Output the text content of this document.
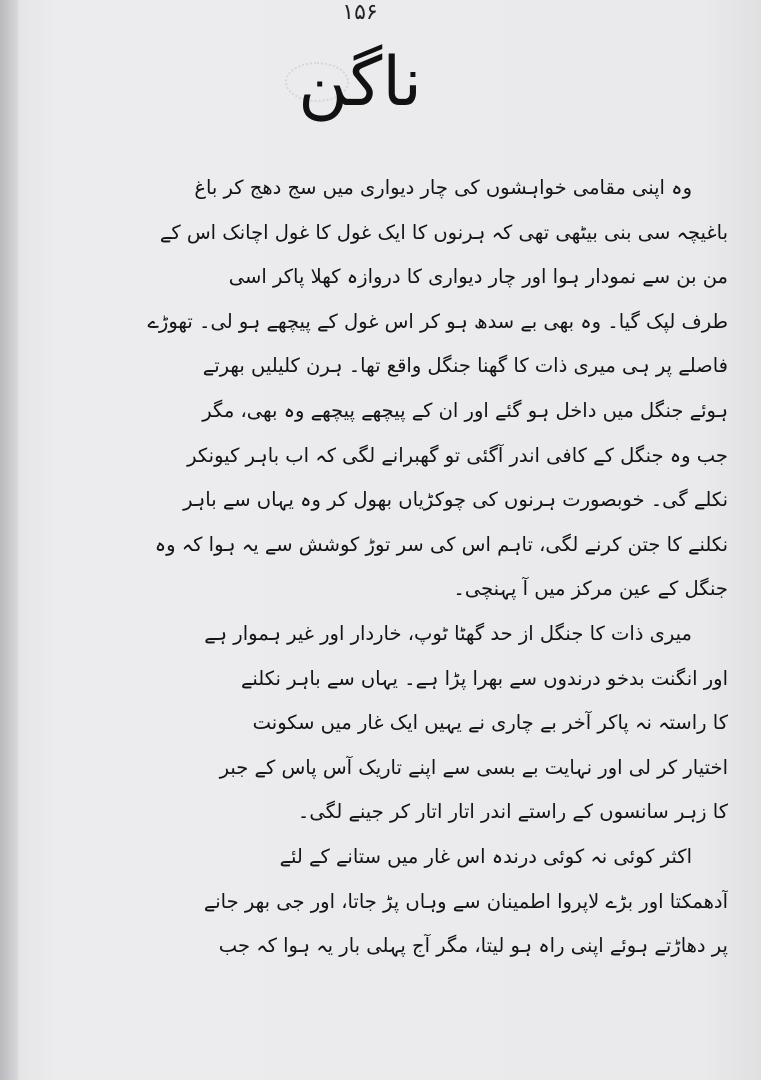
۱۵۶
ناگن
وہ اپنی مقامی خواہشوں کی چار دیواری میں سج دھج کر باغ
باغیچہ سی بنی بیٹھی تھی کہ ہرنوں کا ایک غول کا غول اچانک اس کے
من بن سے نمودار ہوا اور چار دیواری کا دروازہ کھلا پاکر اسی
طرف لپک گیا۔ وہ بھی بے سدھ ہو کر اس غول کے پیچھے ہو لی۔ تھوڑے
فاصلے پر ہی میری ذات کا گھنا جنگل واقع تھا۔ ہرن کلیلیں بھرتے
ہوئے جنگل میں داخل ہو گئے اور ان کے پیچھے پیچھے وہ بھی، مگر
جب وہ جنگل کے کافی اندر آگئی تو گھبرانے لگی کہ اب باہر کیونکر
نکلے گی۔ خوبصورت ہرنوں کی چوکڑیاں بھول کر وہ یہاں سے باہر
نکلنے کا جتن کرنے لگی، تاہم اس کی سر توڑ کوشش سے یہ ہوا کہ وہ
جنگل کے عین مرکز میں آ پہنچی۔
میری ذات کا جنگل از حد گھٹا ٹوپ، خاردار اور غیر ہموار ہے
اور انگنت بدخو درندوں سے بھرا پڑا ہے۔ یہاں سے باہر نکلنے
کا راستہ نہ پاکر آخر بے چاری نے یہیں ایک غار میں سکونت
اختیار کر لی اور نہایت بے بسی سے اپنے تاریک آس پاس کے جبر
کا زہر سانسوں کے راستے اندر اتار اتار کر جینے لگی۔
اکثر کوئی نہ کوئی درندہ اس غار میں ستانے کے لئے
آدھمکتا اور بڑے لاپروا اطمینان سے وہاں پڑ جاتا، اور جی بھر جانے
پر دھاڑتے ہوئے اپنی راہ ہو لیتا، مگر آج پہلی بار یہ ہوا کہ جب
